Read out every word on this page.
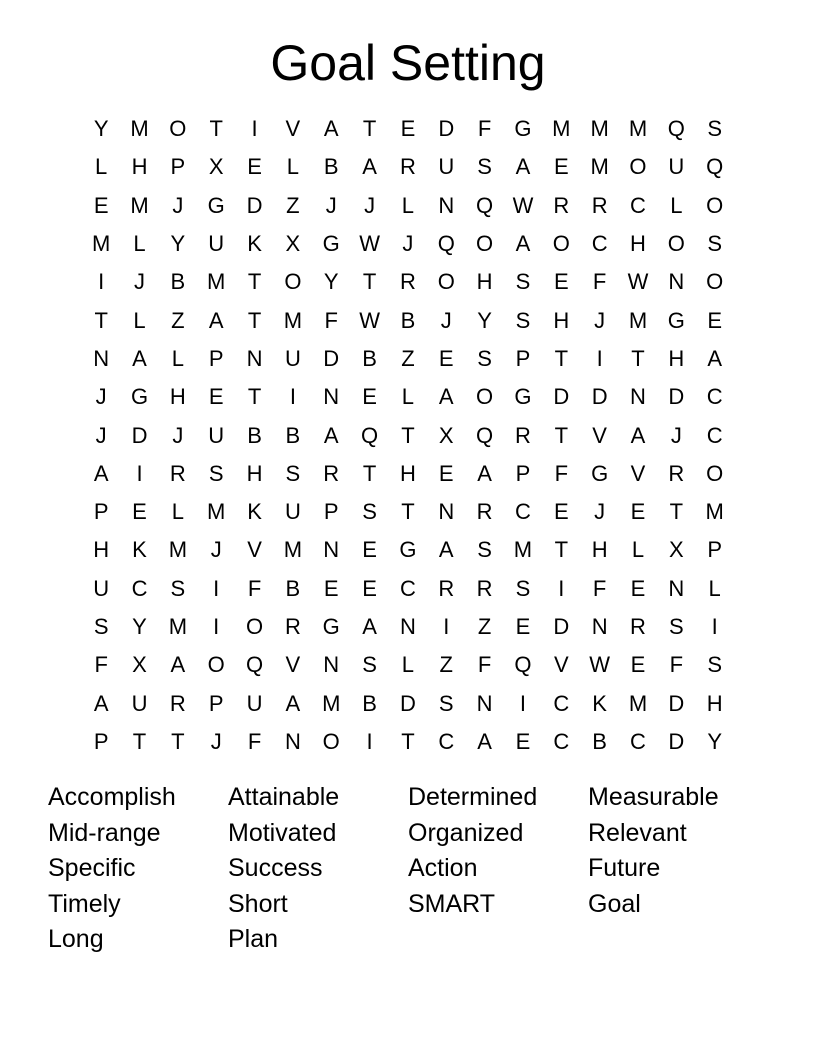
Goal Setting
Y M O	T	I	V	A	T	E	D	F	G M M M Q	S
L	H	P	X	E	L	B	A	R	U	S	A	E M O U Q
E M	J	G D	Z	J	J	L	N Q W R	R	C	L	O
M	L	Y	U	K	X	G W	J	Q O	A	O C	H O	S
I	J	B M	T	O	Y	T	R O H	S	E	F W N O
T	L	Z	A	T	M	F W B	J	Y	S	H	J	M G	E
N	A	L	P	N	U	D	B	Z	E	S	P	T	I	T	H	A
J	G H	E	T	I	N	E	L	A	O G D	D	N	D	C
J	D	J	U	B	B	A	Q	T	X	Q R	T	V	A	J	C
A	I	R	S	H	S	R	T	H	E	A	P	F	G	V	R O
P	E	L	M K	U	P	S	T	N	R	C	E	J	E	T	M
H	K M	J	V M N	E	G	A	S M	T	H	L	X	P
U	C	S	I	F	B	E	E	C	R	R	S	I	F	E	N	L
S	Y M	I	O R G	A	N	I	Z	E	D	N	R	S	I
F	X	A	O Q	V	N	S	L	Z	F	Q	V W E	F	S
A	U	R	P	U	A M B	D	S	N	I	C	K M D	H
P	T	T	J	F	N O	I	T	C	A	E	C	B	C	D	Y
Accomplish	Attainable	Determined	Measurable
Mid-range	Motivated	Organized	Relevant
Specific	Success	Action	Future
Timely	Short	SMART	Goal
Long	Plan
